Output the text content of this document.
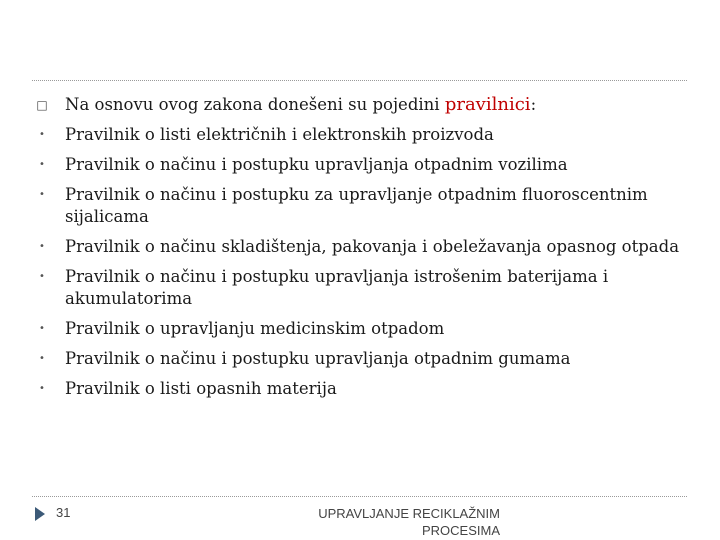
□ Na osnovu ovog zakona donešeni su pojedini pravilnici:
•	Pravilnik o listi električnih i elektronskih proizvoda
•	Pravilnik o načinu i postupku upravljanja otpadnim vozilima
•	Pravilnik o načinu i postupku za upravljanje otpadnim fluoroscentnim sijalicama
•	Pravilnik o načinu skladištenja, pakovanja i obeležavanja opasnog otpada
•	Pravilnik o načinu i postupku upravljanja istrošenim baterijama i akumulatorima
•	Pravilnik o upravljanju medicinskim otpadom
•	Pravilnik o načinu i postupku upravljanja otpadnim gumama
•	Pravilnik o listi opasnih materija
31	UPRAVLJANJE RECIKLAŽNIM PROCESIMA
